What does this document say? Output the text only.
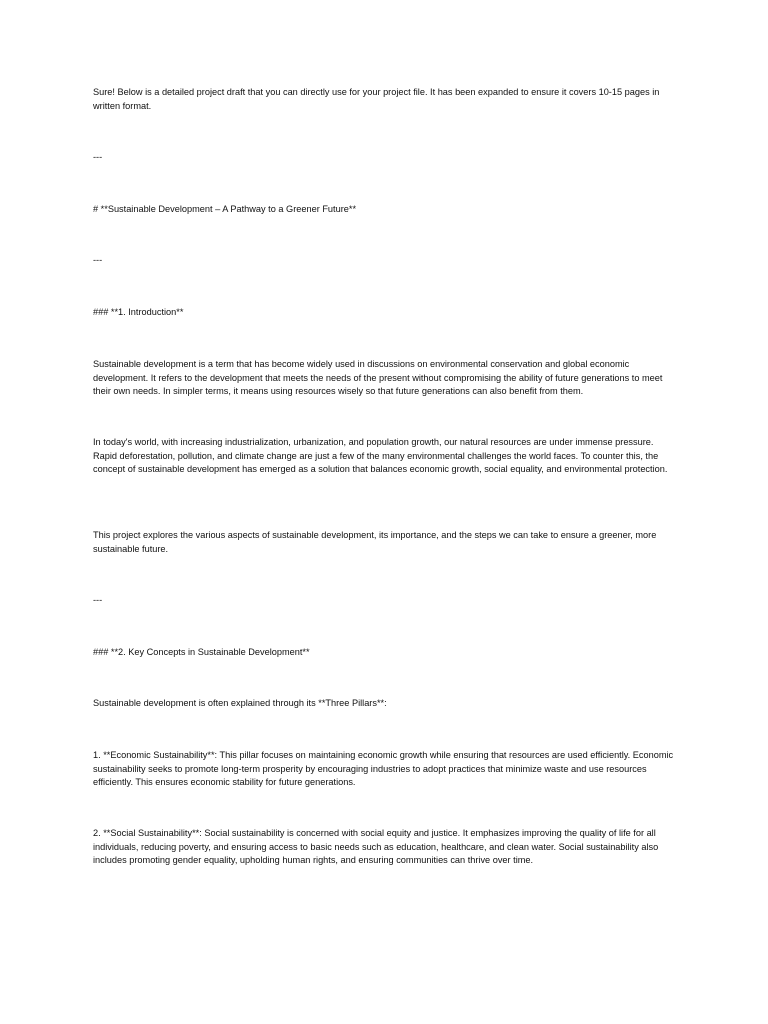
Sure! Below is a detailed project draft that you can directly use for your project file. It has been expanded to ensure it covers 10-15 pages in written format.

---

# **Sustainable Development – A Pathway to a Greener Future**

---

### **1. Introduction**

Sustainable development is a term that has become widely used in discussions on environmental conservation and global economic development. It refers to the development that meets the needs of the present without compromising the ability of future generations to meet their own needs. In simpler terms, it means using resources wisely so that future generations can also benefit from them.

In today's world, with increasing industrialization, urbanization, and population growth, our natural resources are under immense pressure. Rapid deforestation, pollution, and climate change are just a few of the many environmental challenges the world faces. To counter this, the concept of sustainable development has emerged as a solution that balances economic growth, social equality, and environmental protection.

This project explores the various aspects of sustainable development, its importance, and the steps we can take to ensure a greener, more sustainable future.

---

### **2. Key Concepts in Sustainable Development**

Sustainable development is often explained through its **Three Pillars**:

1. **Economic Sustainability**: This pillar focuses on maintaining economic growth while ensuring that resources are used efficiently. Economic sustainability seeks to promote long-term prosperity by encouraging industries to adopt practices that minimize waste and use resources efficiently. This ensures economic stability for future generations.

2. **Social Sustainability**: Social sustainability is concerned with social equity and justice. It emphasizes improving the quality of life for all individuals, reducing poverty, and ensuring access to basic needs such as education, healthcare, and clean water. Social sustainability also includes promoting gender equality, upholding human rights, and ensuring communities can thrive over time.
